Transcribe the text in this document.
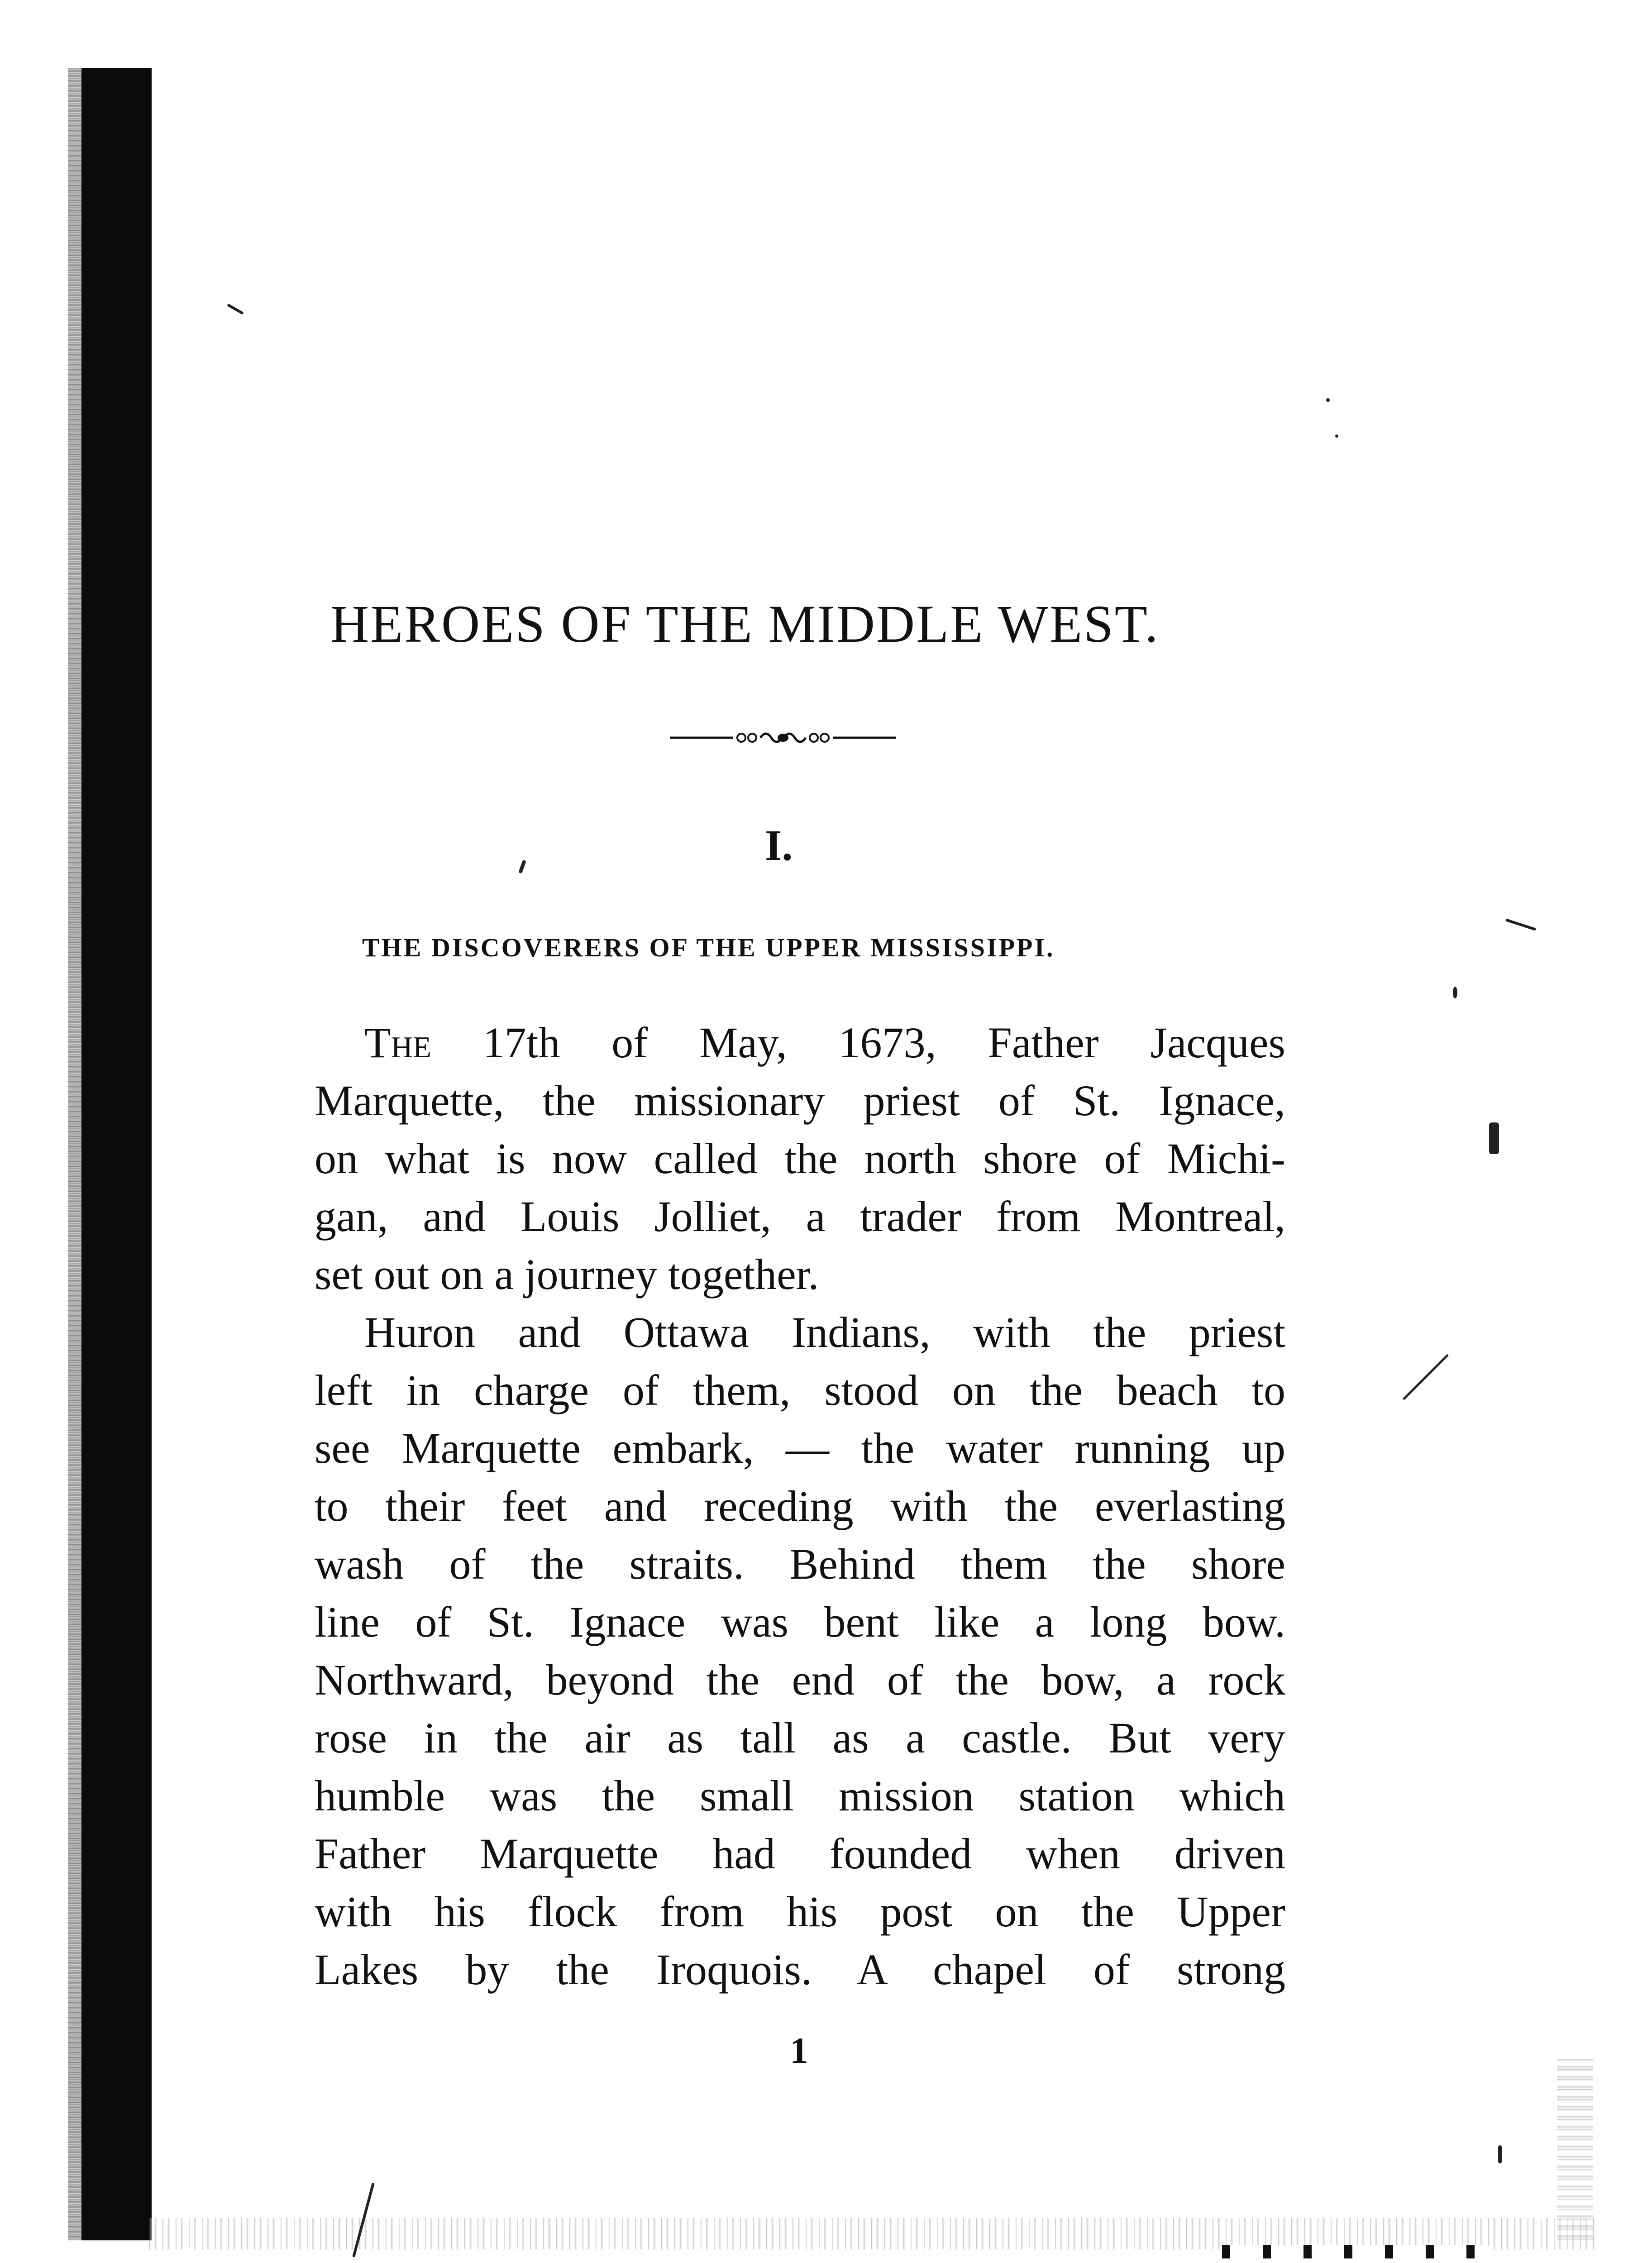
HEROES OF THE MIDDLE WEST.
I.
THE DISCOVERERS OF THE UPPER MISSISSIPPI.
The 17th of May, 1673, Father Jacques
Marquette, the missionary priest of St. Ignace,
on what is now called the north shore of Michi-
gan, and Louis Jolliet, a trader from Montreal,
set out on a journey together.
Huron and Ottawa Indians, with the priest
left in charge of them, stood on the beach to
see Marquette embark, — the water running up
to their feet and receding with the everlasting
wash of the straits. Behind them the shore
line of St. Ignace was bent like a long bow.
Northward, beyond the end of the bow, a rock
rose in the air as tall as a castle. But very
humble was the small mission station which
Father Marquette had founded when driven
with his flock from his post on the Upper
Lakes by the Iroquois. A chapel of strong
1
